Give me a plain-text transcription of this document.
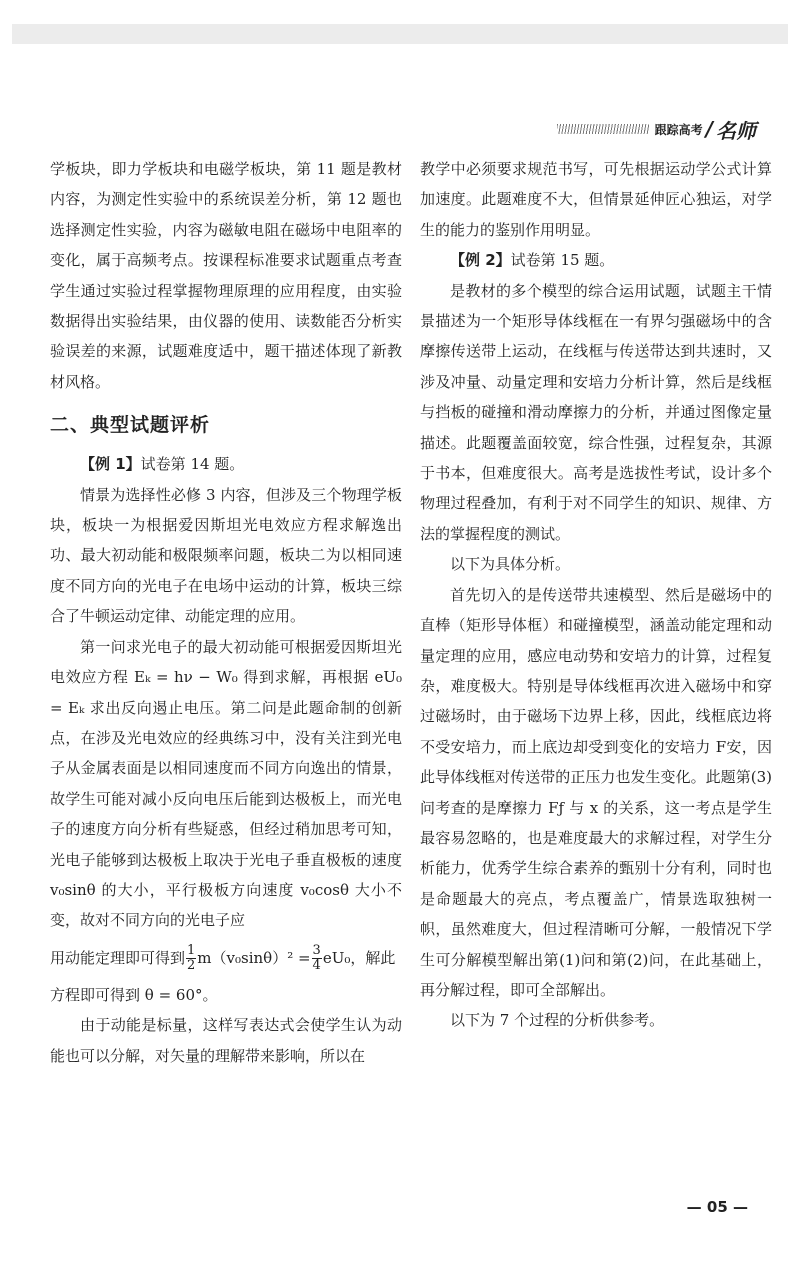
跟踪高考 / 名师

学板块，即力学板块和电磁学板块，第 11 题是教材内容，为测定性实验中的系统误差分析，第 12 题也选择测定性实验，内容为磁敏电阻在磁场中电阻率的变化，属于高频考点。按课程标准要求试题重点考查学生通过实验过程掌握物理原理的应用程度，由实验数据得出实验结果，由仪器的使用、读数能否分析实验误差的来源，试题难度适中，题干描述体现了新教材风格。

二、典型试题评析

【例 1】试卷第 14 题。

情景为选择性必修 3 内容，但涉及三个物理学板块，板块一为根据爱因斯坦光电效应方程求解逸出功、最大初动能和极限频率问题，板块二为以相同速度不同方向的光电子在电场中运动的计算，板块三综合了牛顿运动定律、动能定理的应用。

第一问求光电子的最大初动能可根据爱因斯坦光电效应方程 Eₖ = hν − W₀ 得到求解，再根据 eU₀ = Eₖ 求出反向遏止电压。第二问是此题命制的创新点，在涉及光电效应的经典练习中，没有关注到光电子从金属表面是以相同速度而不同方向逸出的情景，故学生可能对减小反向电压后能到达极板上，而光电子的速度方向分析有些疑惑，但经过稍加思考可知，光电子能够到达极板上取决于光电子垂直极板的速度 v₀sinθ 的大小，平行极板方向速度 v₀cosθ 大小不变，故对不同方向的光电子应

用动能定理即可得到 $\frac{1}{2} m(v_0\sin\theta)^2 = \frac{3}{4} eU_0$，解此

方程即可得到 θ = 60°。

由于动能是标量，这样写表达式会使学生认为动能也可以分解，对矢量的理解带来影响，所以在

教学中必须要求规范书写，可先根据运动学公式计算加速度。此题难度不大，但情景延伸匠心独运，对学生的能力的鉴别作用明显。

【例 2】试卷第 15 题。

是教材的多个模型的综合运用试题，试题主干情景描述为一个矩形导体线框在一有界匀强磁场中的含摩擦传送带上运动，在线框与传送带达到共速时，又涉及冲量、动量定理和安培力分析计算，然后是线框与挡板的碰撞和滑动摩擦力的分析，并通过图像定量描述。此题覆盖面较宽，综合性强，过程复杂，其源于书本，但难度很大。高考是选拔性考试，设计多个物理过程叠加，有利于对不同学生的知识、规律、方法的掌握程度的测试。

以下为具体分析。

首先切入的是传送带共速模型、然后是磁场中的直棒（矩形导体框）和碰撞模型，涵盖动能定理和动量定理的应用，感应电动势和安培力的计算，过程复杂，难度极大。特别是导体线框再次进入磁场中和穿过磁场时，由于磁场下边界上移，因此，线框底边将不受安培力，而上底边却受到变化的安培力 F安，因此导体线框对传送带的正压力也发生变化。此题第(3)问考查的是摩擦力 Fƒ 与 x 的关系，这一考点是学生最容易忽略的，也是难度最大的求解过程，对学生分析能力，优秀学生综合素养的甄别十分有利，同时也是命题最大的亮点，考点覆盖广，情景选取独树一帜，虽然难度大，但过程清晰可分解，一般情况下学生可分解模型解出第(1)问和第(2)问，在此基础上，再分解过程，即可全部解出。

以下为 7 个过程的分析供参考。

— 05 —
